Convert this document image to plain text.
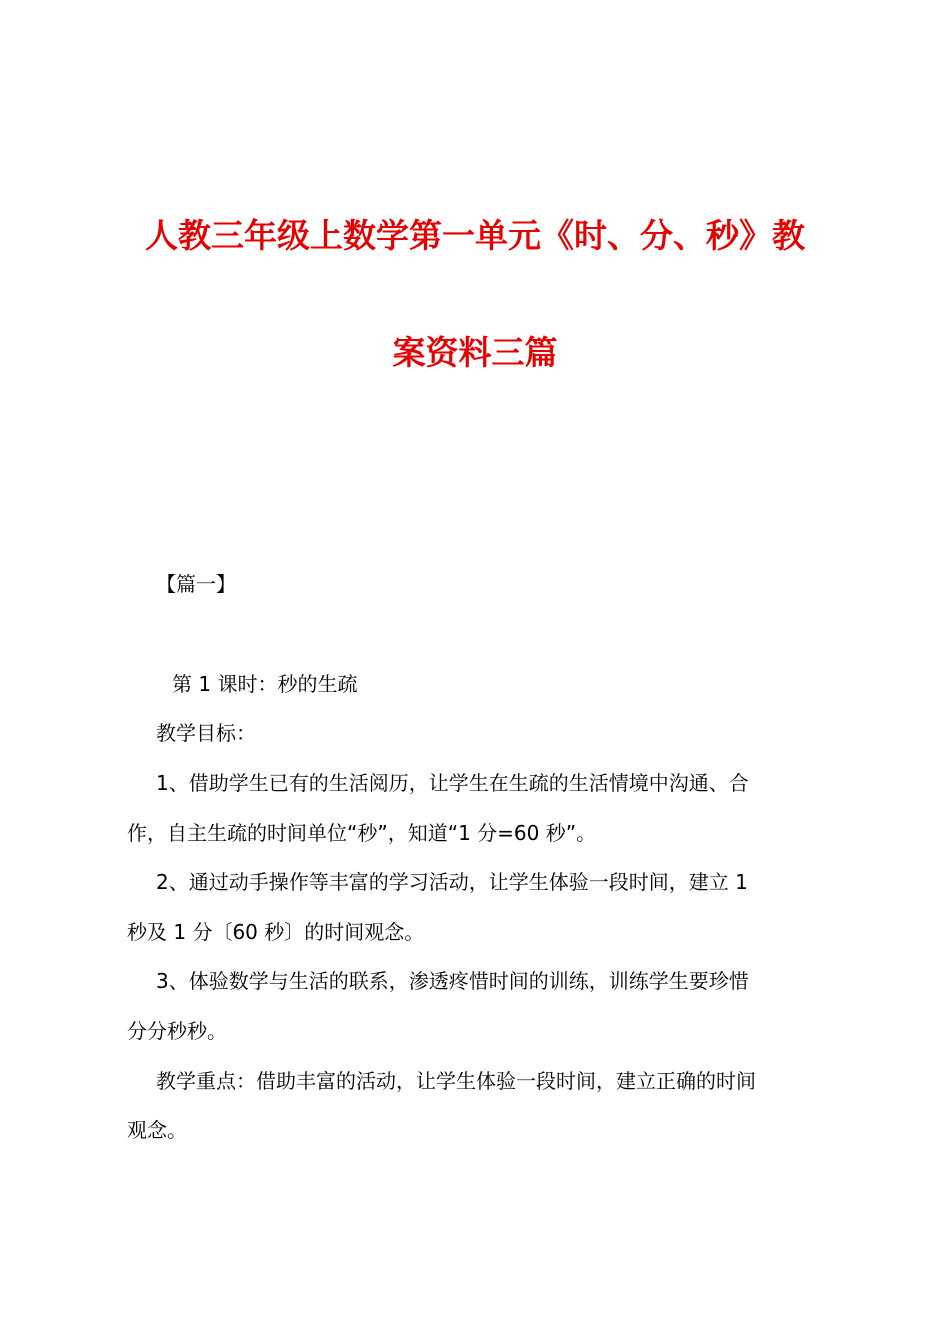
人教三年级上数学第一单元《时、分、秒》教
案资料三篇
【篇一】
第 1 课时：秒的生疏
教学目标：
1、借助学生已有的生活阅历，让学生在生疏的生活情境中沟通、合
作，自主生疏的时间单位“秒”，知道“1 分=60 秒”。
2、通过动手操作等丰富的学习活动，让学生体验一段时间，建立 1
秒及 1 分〔60 秒〕的时间观念。
3、体验数学与生活的联系，渗透疼惜时间的训练，训练学生要珍惜
分分秒秒。
教学重点：借助丰富的活动，让学生体验一段时间，建立正确的时间
观念。
